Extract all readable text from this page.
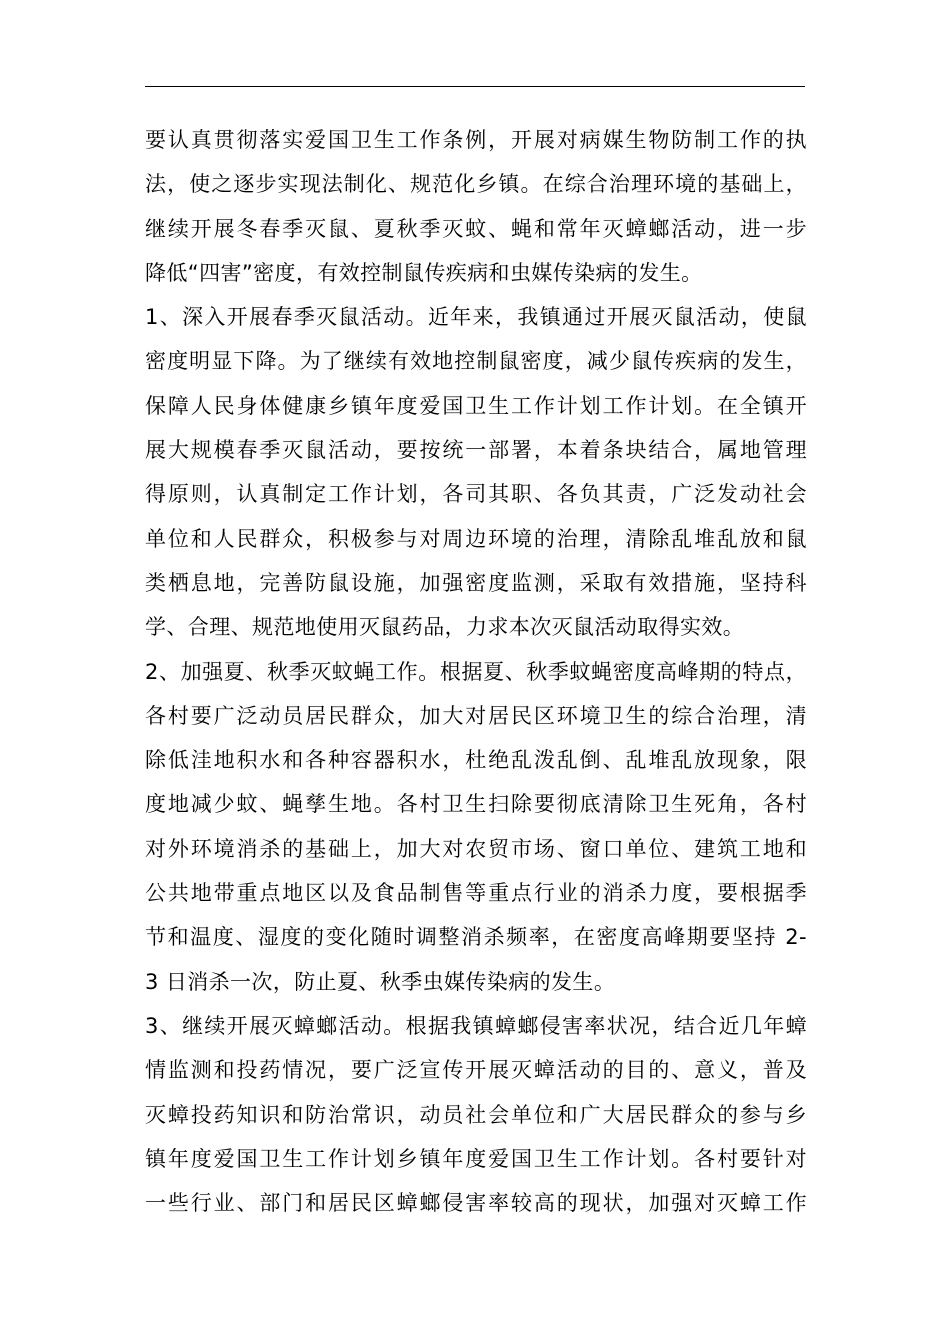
要认真贯彻落实爱国卫生工作条例，开展对病媒生物防制工作的执
法，使之逐步实现法制化、规范化乡镇。在综合治理环境的基础上，
继续开展冬春季灭鼠、夏秋季灭蚊、蝇和常年灭蟑螂活动，进一步
降低“四害”密度，有效控制鼠传疾病和虫媒传染病的发生。
1、深入开展春季灭鼠活动。近年来，我镇通过开展灭鼠活动，使鼠
密度明显下降。为了继续有效地控制鼠密度，减少鼠传疾病的发生，
保障人民身体健康乡镇年度爱国卫生工作计划工作计划。在全镇开
展大规模春季灭鼠活动，要按统一部署，本着条块结合，属地管理
得原则，认真制定工作计划，各司其职、各负其责，广泛发动社会
单位和人民群众，积极参与对周边环境的治理，清除乱堆乱放和鼠
类栖息地，完善防鼠设施，加强密度监测，采取有效措施，坚持科
学、合理、规范地使用灭鼠药品，力求本次灭鼠活动取得实效。
2、加强夏、秋季灭蚊蝇工作。根据夏、秋季蚊蝇密度高峰期的特点，
各村要广泛动员居民群众，加大对居民区环境卫生的综合治理，清
除低洼地积水和各种容器积水，杜绝乱泼乱倒、乱堆乱放现象，限
度地减少蚊、蝇孳生地。各村卫生扫除要彻底清除卫生死角，各村
对外环境消杀的基础上，加大对农贸市场、窗口单位、建筑工地和
公共地带重点地区以及食品制售等重点行业的消杀力度，要根据季
节和温度、湿度的变化随时调整消杀频率，在密度高峰期要坚持 2-
3 日消杀一次，防止夏、秋季虫媒传染病的发生。
3、继续开展灭蟑螂活动。根据我镇蟑螂侵害率状况，结合近几年蟑
情监测和投药情况，要广泛宣传开展灭蟑活动的目的、意义，普及
灭蟑投药知识和防治常识，动员社会单位和广大居民群众的参与乡
镇年度爱国卫生工作计划乡镇年度爱国卫生工作计划。各村要针对
一些行业、部门和居民区蟑螂侵害率较高的现状，加强对灭蟑工作
